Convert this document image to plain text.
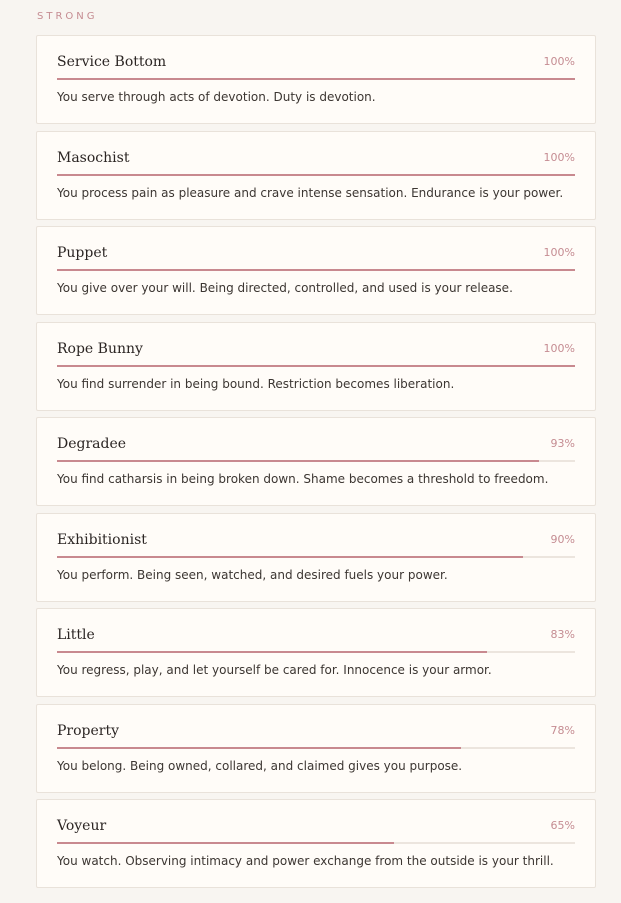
STRONG
Service Bottom	100%
You serve through acts of devotion. Duty is devotion.
Masochist	100%
You process pain as pleasure and crave intense sensation. Endurance is your power.
Puppet	100%
You give over your will. Being directed, controlled, and used is your release.
Rope Bunny	100%
You find surrender in being bound. Restriction becomes liberation.
Degradee	93%
You find catharsis in being broken down. Shame becomes a threshold to freedom.
Exhibitionist	90%
You perform. Being seen, watched, and desired fuels your power.
Little	83%
You regress, play, and let yourself be cared for. Innocence is your armor.
Property	78%
You belong. Being owned, collared, and claimed gives you purpose.
Voyeur	65%
You watch. Observing intimacy and power exchange from the outside is your thrill.
